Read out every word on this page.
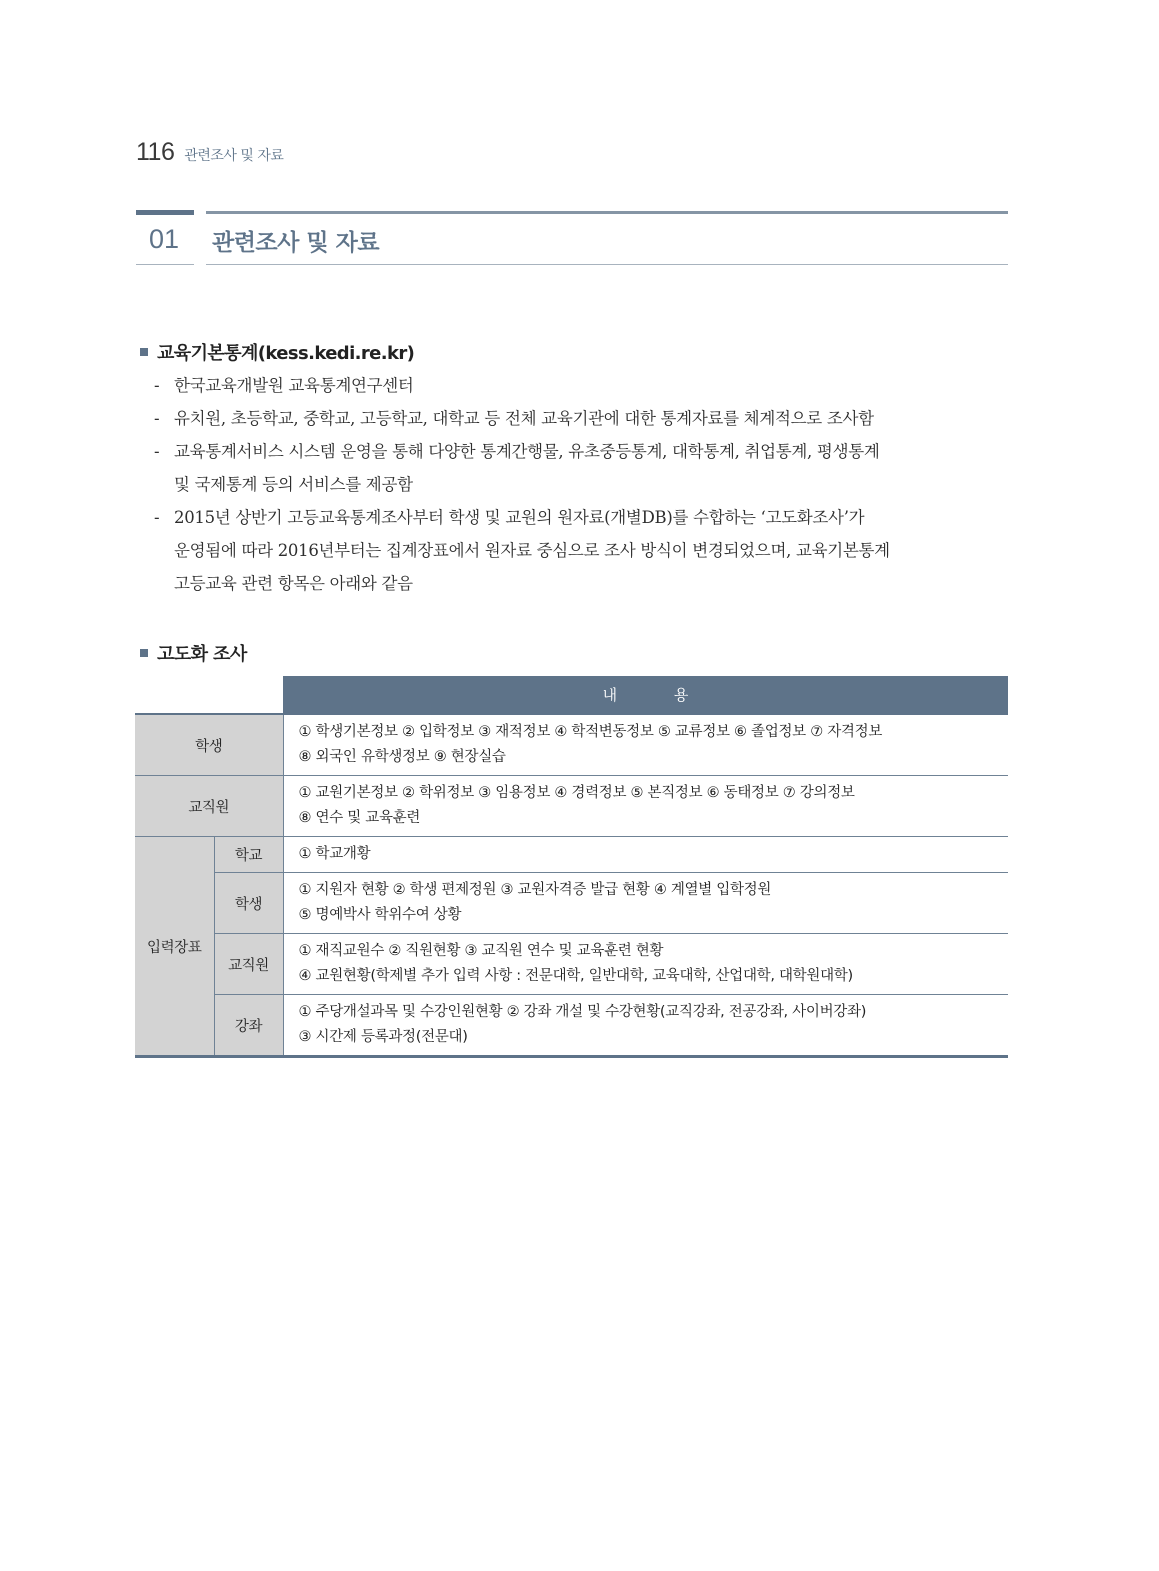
116 관련조사 및 자료
01 관련조사 및 자료
교육기본통계(kess.kedi.re.kr)
- 한국교육개발원 교육통계연구센터
- 유치원, 초등학교, 중학교, 고등학교, 대학교 등 전체 교육기관에 대한 통계자료를 체계적으로 조사함
- 교육통계서비스 시스템 운영을 통해 다양한 통계간행물, 유초중등통계, 대학통계, 취업통계, 평생통계
및 국제통계 등의 서비스를 제공함
- 2015년 상반기 고등교육통계조사부터 학생 및 교원의 원자료(개별DB)를 수합하는 ‘고도화조사’가
운영됨에 따라 2016년부터는 집계장표에서 원자료 중심으로 조사 방식이 변경되었으며, 교육기본통계
고등교육 관련 항목은 아래와 같음
고도화 조사
		내 용
학생		① 학생기본정보 ② 입학정보 ③ 재적정보 ④ 학적변동정보 ⑤ 교류정보 ⑥ 졸업정보 ⑦ 자격정보
⑧ 외국인 유학생정보 ⑨ 현장실습

교직원		① 교원기본정보 ② 학위정보 ③ 임용정보 ④ 경력정보 ⑤ 본직정보 ⑥ 동태정보 ⑦ 강의정보
⑧ 연수 및 교육훈련

입력장표	학교	① 학교개황

	학생	① 지원자 현황 ② 학생 편제정원 ③ 교원자격증 발급 현황 ④ 계열별 입학정원
⑤ 명예박사 학위수여 상황

	교직원	① 재직교원수 ② 직원현황 ③ 교직원 연수 및 교육훈련 현황
④ 교원현황(학제별 추가 입력 사항 : 전문대학, 일반대학, 교육대학, 산업대학, 대학원대학)

	강좌	① 주당개설과목 및 수강인원현황 ② 강좌 개설 및 수강현황(교직강좌, 전공강좌, 사이버강좌)
③ 시간제 등록과정(전문대)
